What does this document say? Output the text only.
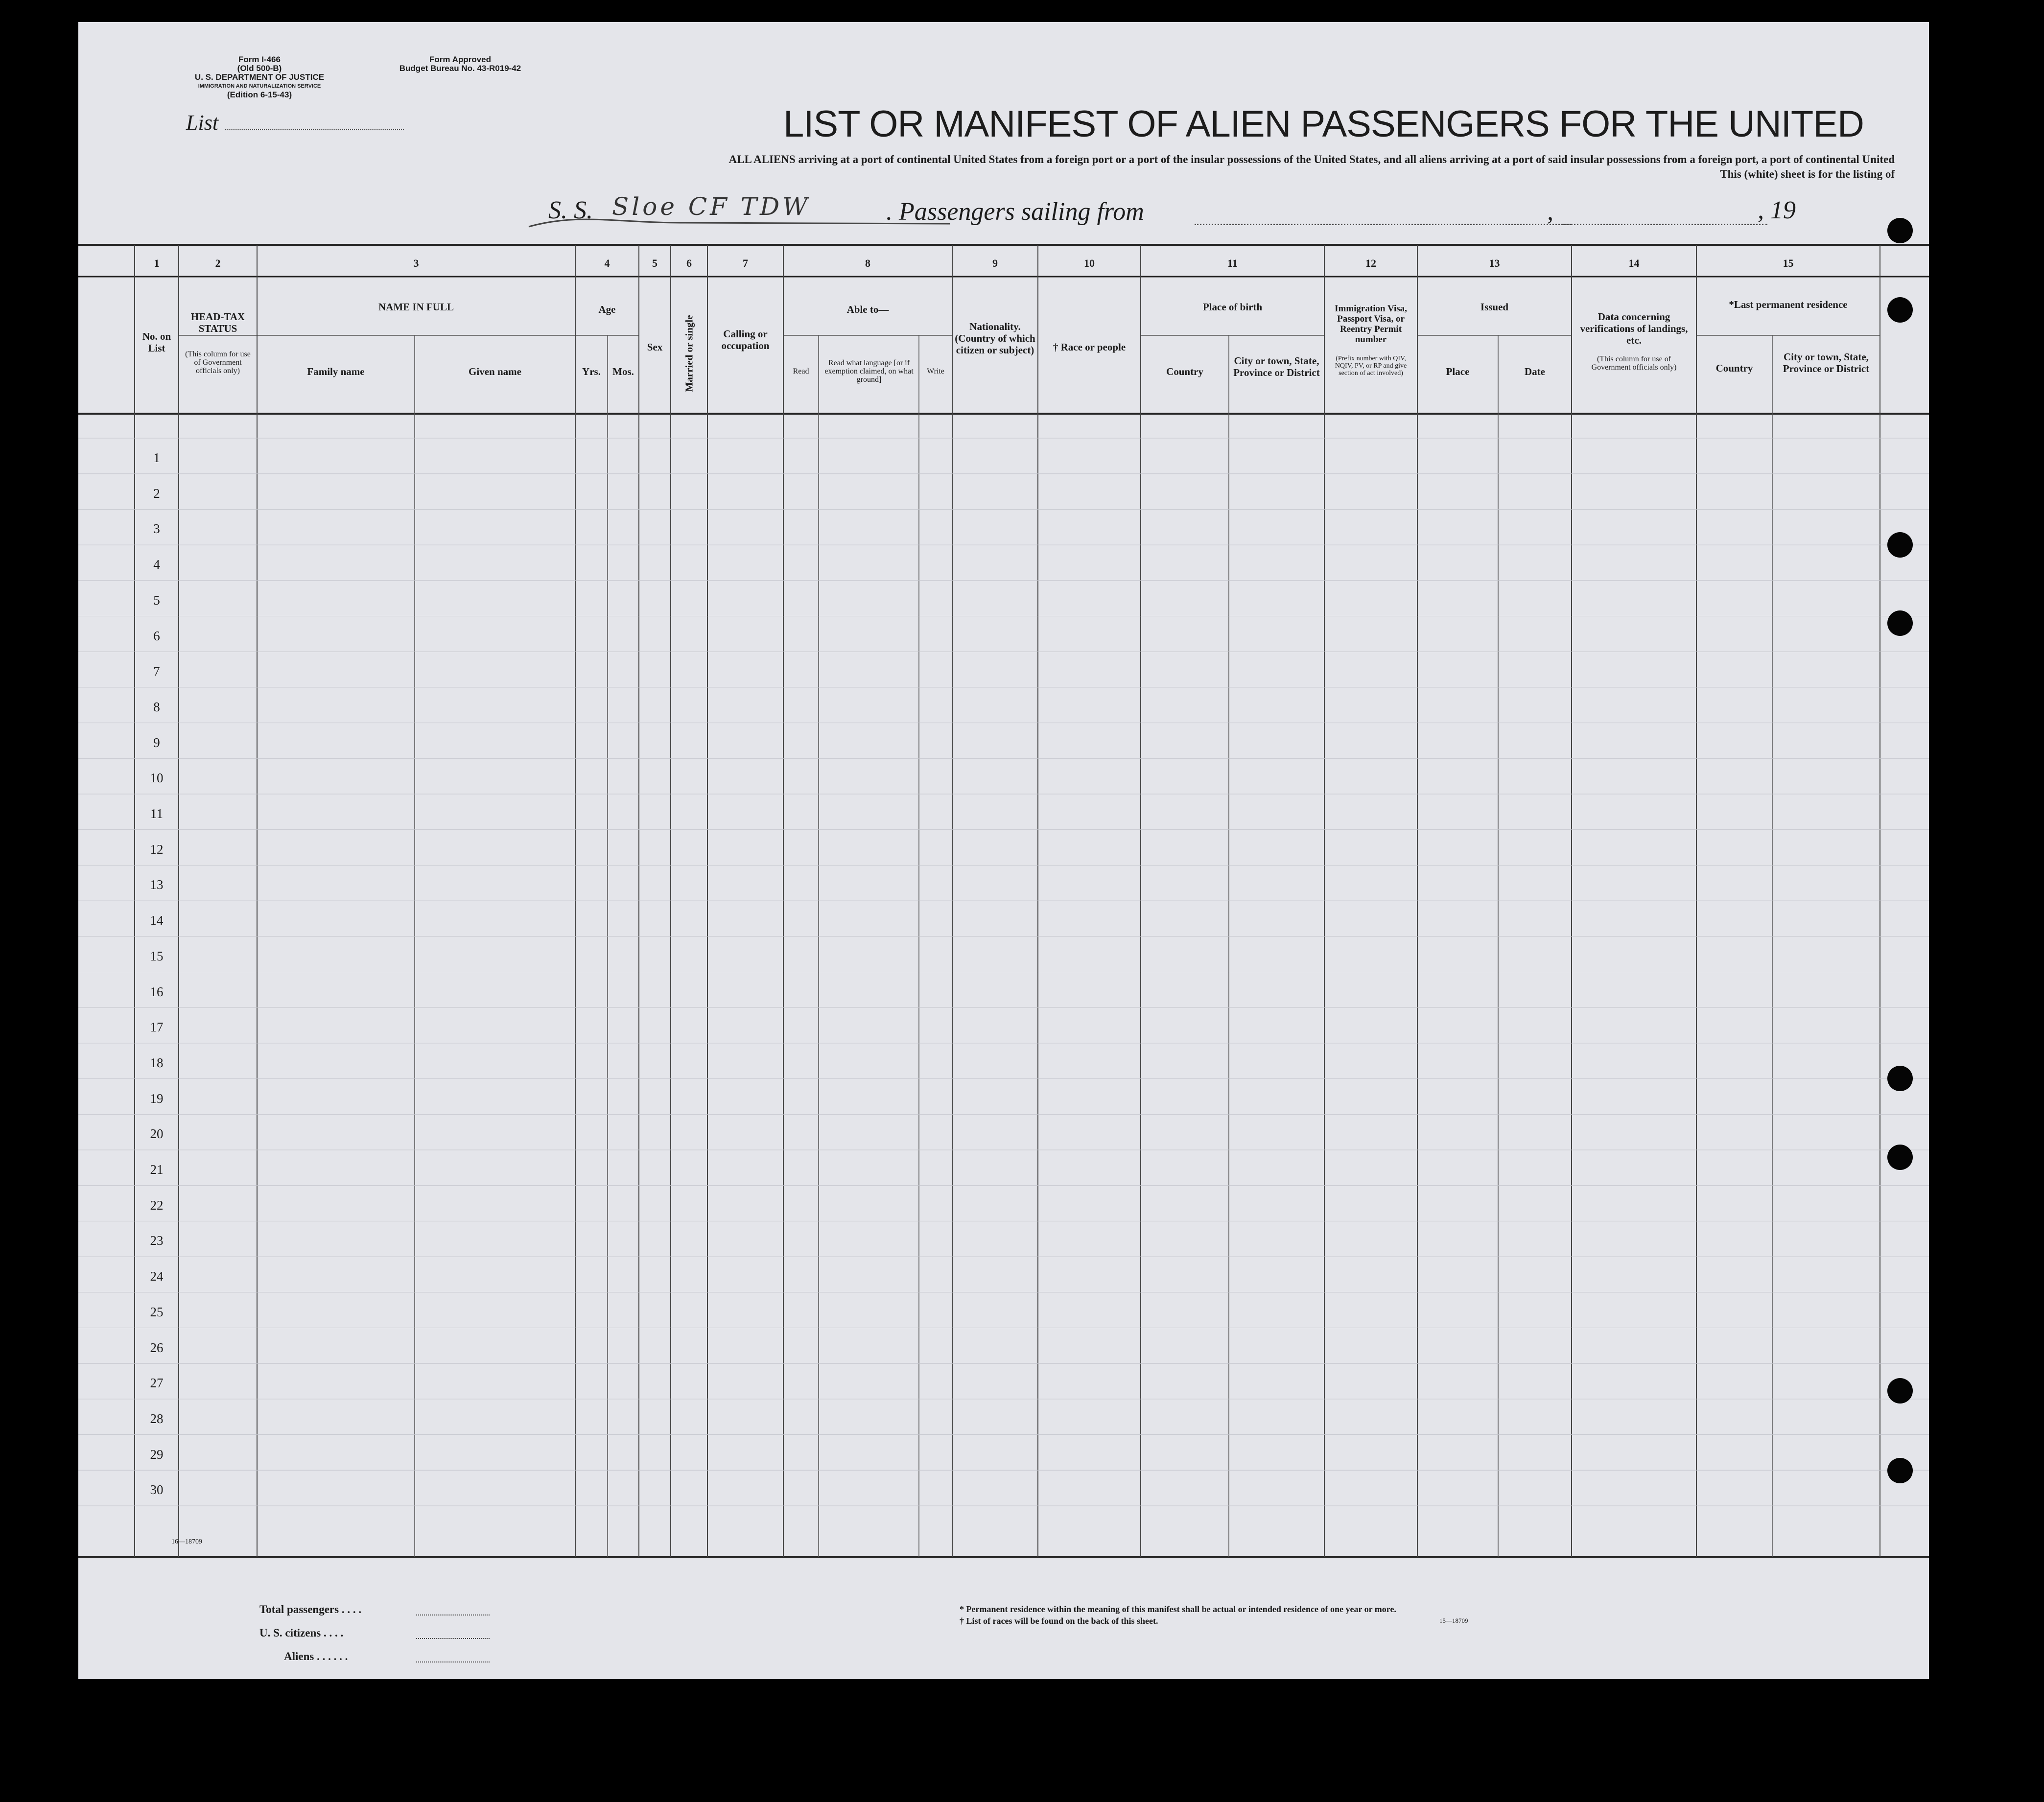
Form I-466
(Old 500-B)
U. S. DEPARTMENT OF JUSTICE
IMMIGRATION AND NATURALIZATION SERVICE
(Edition 6-15-43)
Form Approved
Budget Bureau No. 43-R019-42
List	LIST OR MANIFEST OF ALIEN PASSENGERS FOR THE UNITED
ALL ALIENS arriving at a port of continental United States from a foreign port or a port of the insular possessions of the United States, and all aliens arriving at a port of said insular possessions from a foreign port, a port of continental United
This (white) sheet is for the listing of
S. S. Sloe CF TDW	. Passengers sailing from	,	, 19
1	2	3	4	5	6	7	8	9	10	11	12	13	14	15
No. on List
HEAD-TAX STATUS
(This column for use of Government officials only)
NAME IN FULL
Family name	Given name
Age
Yrs.	Mos.
Sex	Married or single	Calling or occupation
Able to—
Read
Read what language [or if exemption claimed, on what ground]
Write
Nationality. (Country of which citizen or subject)	† Race or people
Place of birth
Country
City or town, State, Province or District
Immigration Visa, Passport Visa, or Reentry Permit number
(Prefix number with QIV, NQIV, PV, or RP and give section of act involved)
Issued
Place	Date
Data concerning verifications of landings, etc.
(This column for use of Government officials only)
*Last permanent residence
Country
City or town, State, Province or District
1
2
3
4
5
6
7
8
9
10
11
12
13
14
15
16
17
18
19
20
21
22
23
24
25
26
27
28
29
30
16—18709
Total passengers . . . .
U. S. citizens . . . .
Aliens . . . . . .
* Permanent residence within the meaning of this manifest shall be actual or intended residence of one year or more.
† List of races will be found on the back of this sheet.	15—18709
